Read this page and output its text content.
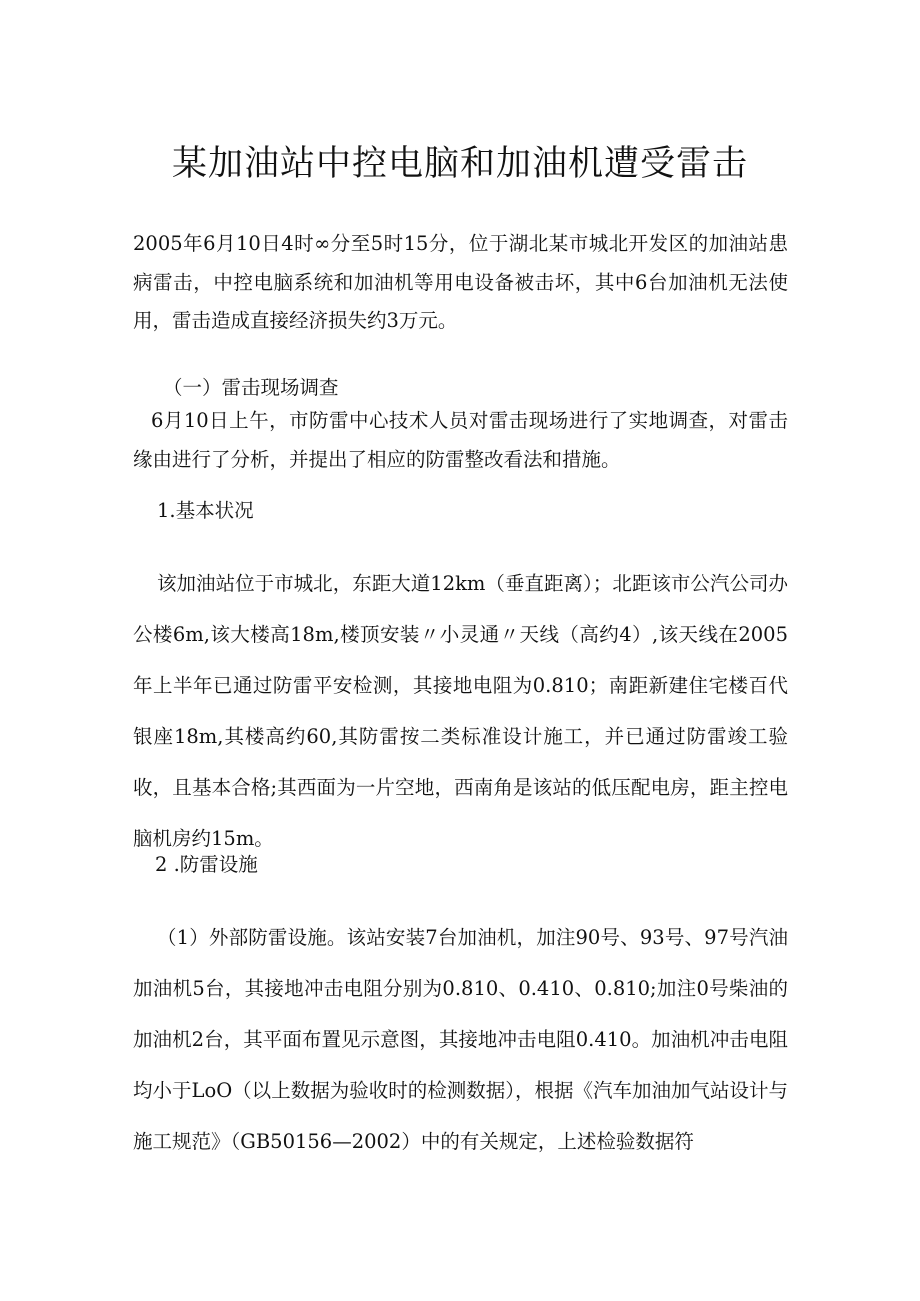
某加油站中控电脑和加油机遭受雷击

2005年6月10日4时∞分至5时15分，位于湖北某市城北开发区的加油站患病雷击，中控电脑系统和加油机等用电设备被击坏，其中6台加油机无法使用，雷击造成直接经济损失约3万元。

（一）雷击现场调查

6月10日上午，市防雷中心技术人员对雷击现场进行了实地调查，对雷击缘由进行了分析，并提出了相应的防雷整改看法和措施。

1.基本状况

该加油站位于市城北，东距大道12km（垂直距离）；北距该市公汽公司办公楼6m,该大楼高18m,楼顶安装〃小灵通〃天线（高约4）,该天线在2005年上半年已通过防雷平安检测，其接地电阻为0.810；南距新建住宅楼百代银座18m,其楼高约60,其防雷按二类标准设计施工，并已通过防雷竣工验收，且基本合格;其西面为一片空地，西南角是该站的低压配电房，距主控电脑机房约15m。

2 .防雷设施

（1）外部防雷设施。该站安装7台加油机，加注90号、93号、97号汽油加油机5台，其接地冲击电阻分别为0.810、0.410、0.810;加注0号柴油的加油机2台，其平面布置见示意图，其接地冲击电阻0.410。加油机冲击电阻均小于LoO（以上数据为验收时的检测数据），根据《汽车加油加气站设计与施工规范》（GB50156—2002）中的有关规定，上述检验数据符
